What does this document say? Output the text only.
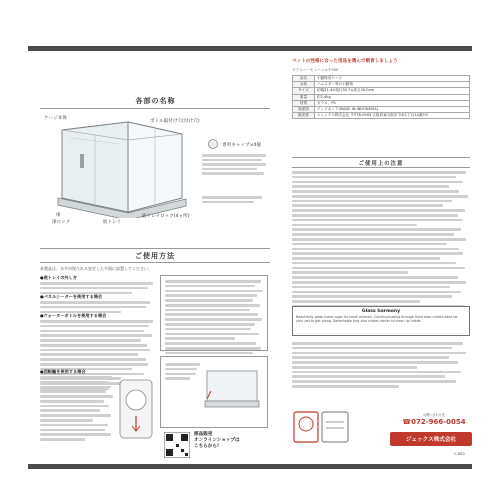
各部の名称
ケージ本体
ボトル取付け穴(付け穴)
扉
扉ロック	底トレイ
底トレイロック(4ヵ所)
専用キャップ×4個
ペットの性格に合った用品を選んで飼育しましょう
グラスハーモニーマルチ300
品名	小動物用ケージ
対象	ハムスター等の小動物
サイズ	約幅31.4×奥行30.7×高さ30.0cm
重量	約2.4kg
材質	ガラス、PS
原産国	インドネシア(MADE IN INDONESIA)
販売者	ジェックス株式会社 〒578-0903 大阪府東大阪市今米1丁目14番5号
ご使用上の注意
Glass harmony
Beautifully glass made cage for small animals. Communicating through front door makes ease for your pet to get along. Detachable tray also makes easier to clean up inside.
お問い合わせ先
☎072-966-0054
ジェックス株式会社
ご使用方法
本製品は、水平が保たれる安定した平面に設置してください。
●底トレイの外し方
●パネルシーターを使用する場合
●ウォーターボトルを使用する場合
●回転輪を使用する場合
部品販売
オンラインショップは
こちらから!
C-800
